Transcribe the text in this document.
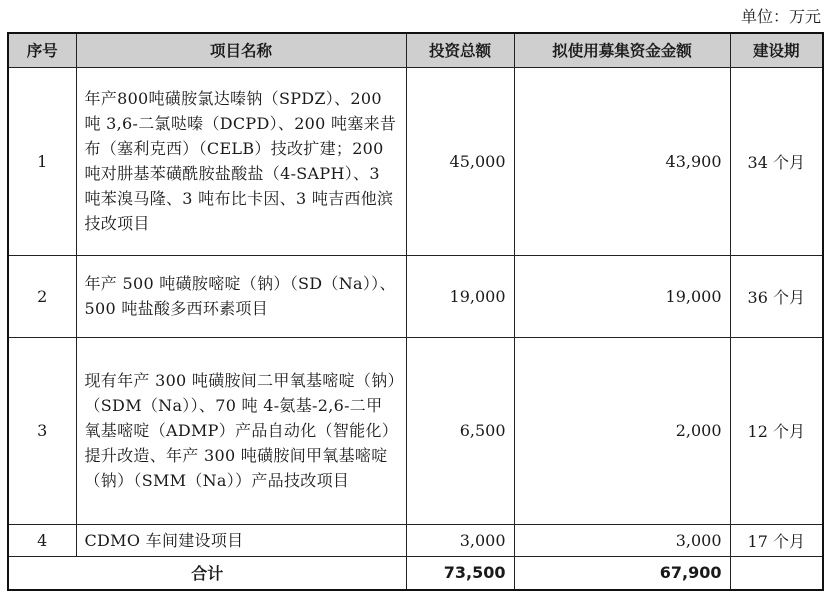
单位：万元
序号	项目名称	投资总额	拟使用募集资金金额	建设期
1	年产800吨磺胺氯达嗪钠（SPDZ）、200 吨 3,6-二氯哒嗪（DCPD）、200 吨塞来昔布（塞利克西）（CELB）技改扩建；200 吨对肼基苯磺酰胺盐酸盐（4-SAPH）、3 吨苯溴马隆、3 吨布比卡因、3 吨吉西他滨技改项目	45,000	43,900	34 个月
2	年产 500 吨磺胺嘧啶（钠）（SD（Na））、500 吨盐酸多西环素项目	19,000	19,000	36 个月
3	现有年产 300 吨磺胺间二甲氧基嘧啶（钠）（SDM（Na））、70 吨 4-氨基-2,6-二甲氧基嘧啶（ADMP）产品自动化（智能化）提升改造、年产 300 吨磺胺间甲氧基嘧啶（钠）（SMM（Na））产品技改项目	6,500	2,000	12 个月
4	CDMO 车间建设项目	3,000	3,000	17 个月
合计		73,500	67,900	
